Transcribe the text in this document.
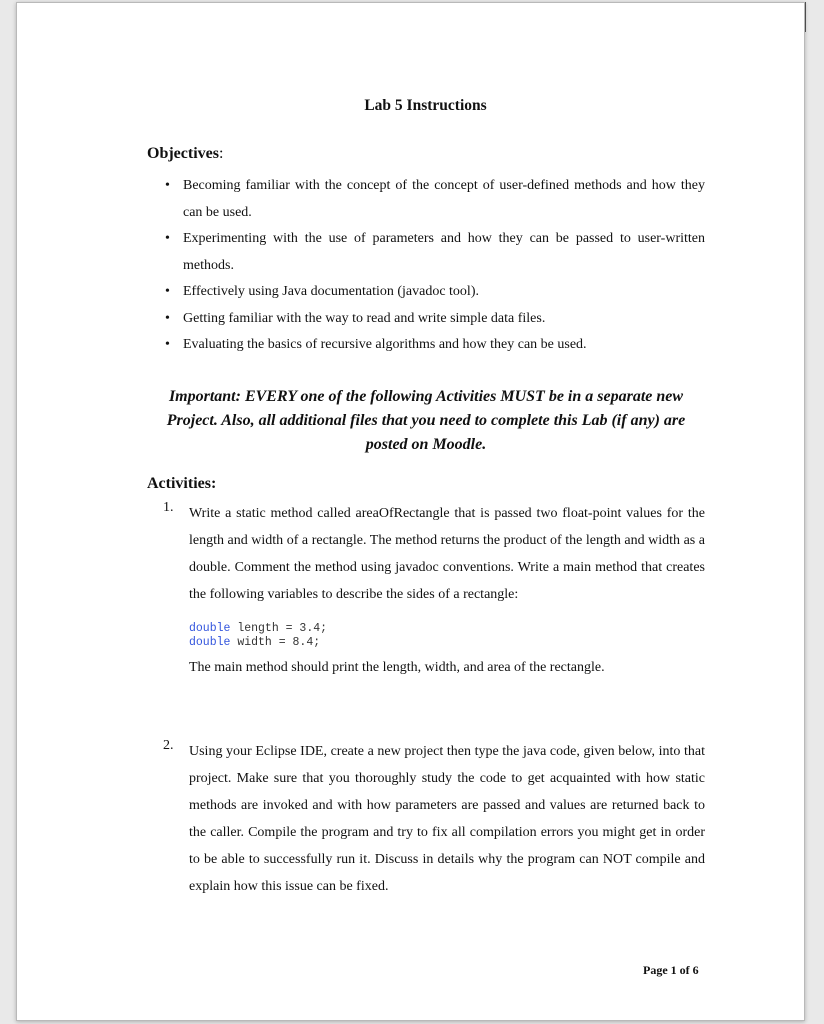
Lab 5 Instructions
Objectives:
• Becoming familiar with the concept of the concept of user-defined methods and how they can be used.
• Experimenting with the use of parameters and how they can be passed to user-written methods.
• Effectively using Java documentation (javadoc tool).
• Getting familiar with the way to read and write simple data files.
• Evaluating the basics of recursive algorithms and how they can be used.
Important: EVERY one of the following Activities MUST be in a separate new Project. Also, all additional files that you need to complete this Lab (if any) are posted on Moodle.
Activities:
1.	Write a static method called areaOfRectangle that is passed two float-point values for the length and width of a rectangle. The method returns the product of the length and width as a double. Comment the method using javadoc conventions. Write a main method that creates the following variables to describe the sides of a rectangle:
double length = 3.4;
double width = 8.4;
The main method should print the length, width, and area of the rectangle.
2.	Using your Eclipse IDE, create a new project then type the java code, given below, into that project. Make sure that you thoroughly study the code to get acquainted with how static methods are invoked and with how parameters are passed and values are returned back to the caller. Compile the program and try to fix all compilation errors you might get in order to be able to successfully run it. Discuss in details why the program can NOT compile and explain how this issue can be fixed.
Page 1 of 6
